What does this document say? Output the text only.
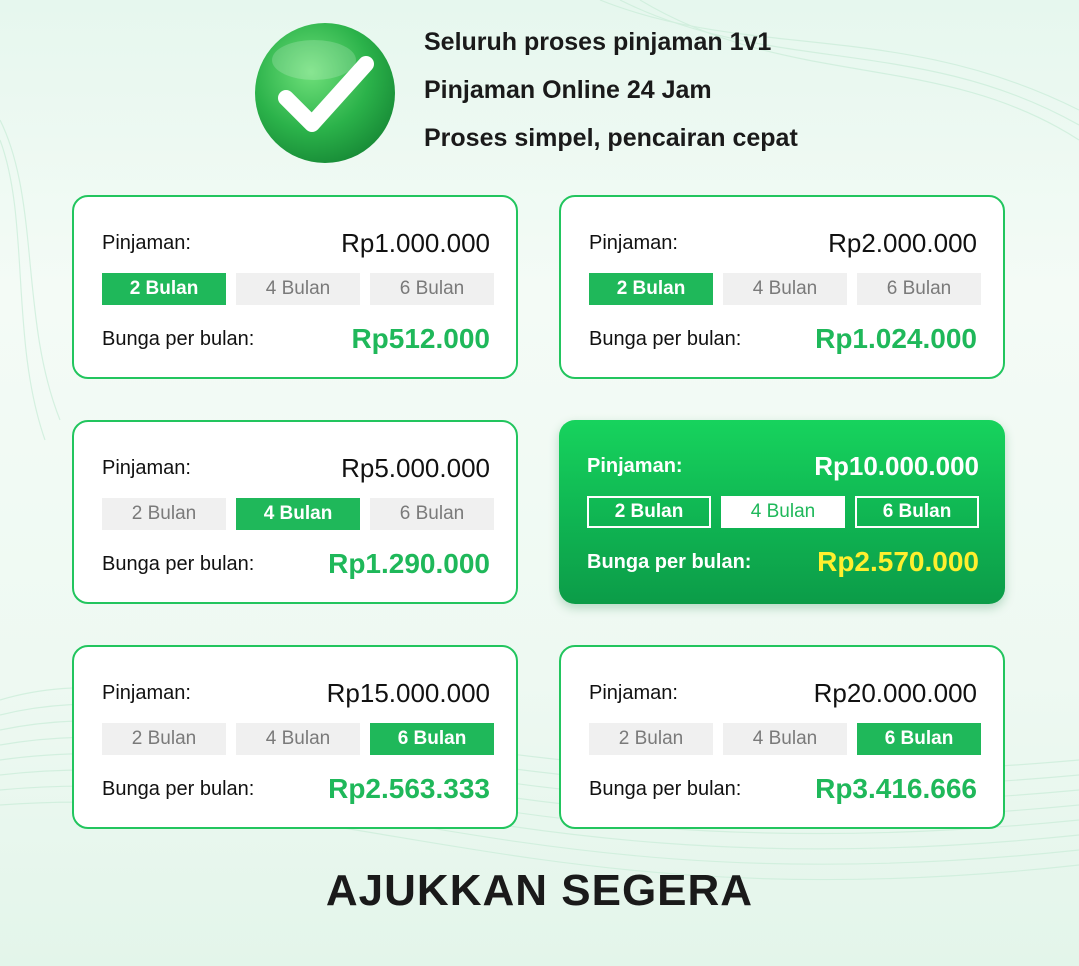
Seluruh proses pinjaman 1v1
Pinjaman Online 24 Jam
Proses simpel, pencairan cepat
Pinjaman:	Rp1.000.000
2 Bulan	4 Bulan	6 Bulan
Bunga per bulan:	Rp512.000
Pinjaman:	Rp2.000.000
2 Bulan	4 Bulan	6 Bulan
Bunga per bulan:	Rp1.024.000
Pinjaman:	Rp5.000.000
2 Bulan	4 Bulan	6 Bulan
Bunga per bulan:	Rp1.290.000
Pinjaman:	Rp10.000.000
2 Bulan	4 Bulan	6 Bulan
Bunga per bulan: Rp2.570.000
Pinjaman:	Rp15.000.000
2 Bulan	4 Bulan	6 Bulan
Bunga per bulan:	Rp2.563.333
Pinjaman:	Rp20.000.000
2 Bulan	4 Bulan	6 Bulan
Bunga per bulan:	Rp3.416.666
AJUKKAN SEGERA
